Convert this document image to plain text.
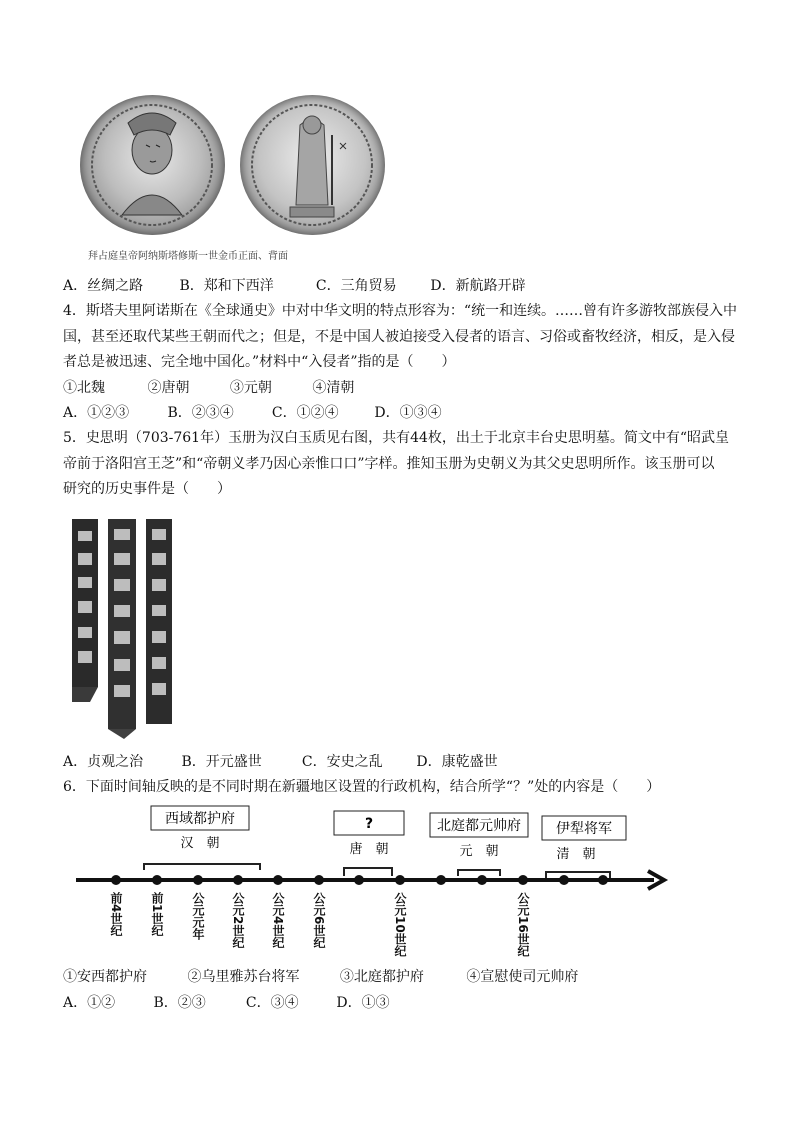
拜占庭皇帝阿纳斯塔修斯一世金币正面、背面
A．丝绸之路	B．郑和下西洋	C．三角贸易 D．新航路开辟
4．斯塔夫里阿诺斯在《全球通史》中对中华文明的特点形容为：“统一和连续。……曾有许多游牧部族侵入中
国，甚至还取代某些王朝而代之；但是，不是中国人被迫接受入侵者的语言、习俗或畜牧经济，相反，是入侵
者总是被迅速、完全地中国化。”材料中“入侵者”指的是（　　）
①北魏	②唐朝	③元朝	④清朝
A．①②③	B．②③④	C．①②④	D．①③④
5．史思明（703-761年）玉册为汉白玉质见右图，共有44枚，出土于北京丰台史思明墓。简文中有“昭武皇
帝前于洛阳宫王芝”和“帝朝义孝乃因心亲惟口口”字样。推知玉册为史朝义为其父史思明所作。该玉册可以
研究的历史事件是（　　）
A．贞观之治	B．开元盛世	C．安史之乱 D．康乾盛世
6．下面时间轴反映的是不同时期在新疆地区设置的行政机构，结合所学“？”处的内容是（　　）
西域都护府	?	北庭都元帅府	伊犁将军
汉　朝	唐　朝	元　朝	清　朝
前4世纪 前1世纪 公元元年 公元2世纪 公元4世纪 公元6世纪	公元10世纪	公元16世纪
①安西都护府	②乌里雅苏台将军	③北庭都护府	④宣慰使司元帅府
A．①②	B．②③	C．③④	D．①③
